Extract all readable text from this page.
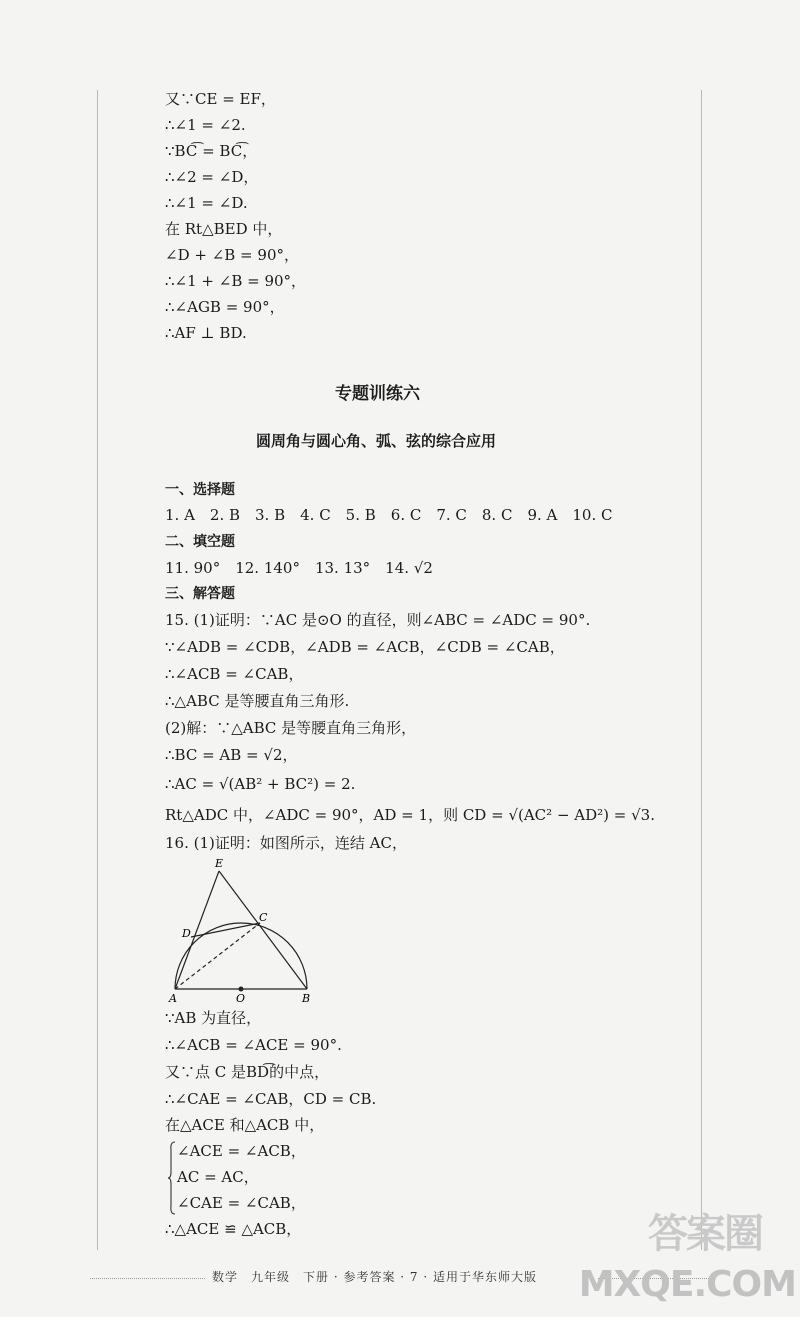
又∵CE = EF，
∴∠1 = ∠2.
∵BC͡ = BC͡，
∴∠2 = ∠D，
∴∠1 = ∠D.
在 Rt△BED 中，
∠D + ∠B = 90°，
∴∠1 + ∠B = 90°，
∴∠AGB = 90°，
∴AF ⊥ BD.
专题训练六
圆周角与圆心角、弧、弦的综合应用
一、选择题
1. A　2. B　3. B　4. C　5. B　6. C　7. C　8. C　9. A　10. C
二、填空题
11. 90°　12. 140°　13. 13°　14. √2
三、解答题
15. (1)证明：∵AC 是⊙O 的直径，则∠ABC = ∠ADC = 90°.
∵∠ADB = ∠CDB，∠ADB = ∠ACB，∠CDB = ∠CAB，
∴∠ACB = ∠CAB，
∴△ABC 是等腰直角三角形.
(2)解：∵△ABC 是等腰直角三角形，
∴BC = AB = √2，
∴AC = √(AB² + BC²) = 2.
Rt△ADC 中，∠ADC = 90°，AD = 1，则 CD = √(AC² − AD²) = √3.
16. (1)证明：如图所示，连结 AC，
E
C
D
A	O	B
∵AB 为直径，
∴∠ACB = ∠ACE = 90°.
又∵点 C 是BD͡的中点，
∴∠CAE = ∠CAB，CD = CB.
在△ACE 和△ACB 中，
∠ACE = ∠ACB，
AC = AC，
∠CAE = ∠CAB，
∴△ACE ≌ △ACB，
数学　九年级　下册 · 参考答案 · 7 · 适用于华东师大版
答案圈
MXQE.COM
